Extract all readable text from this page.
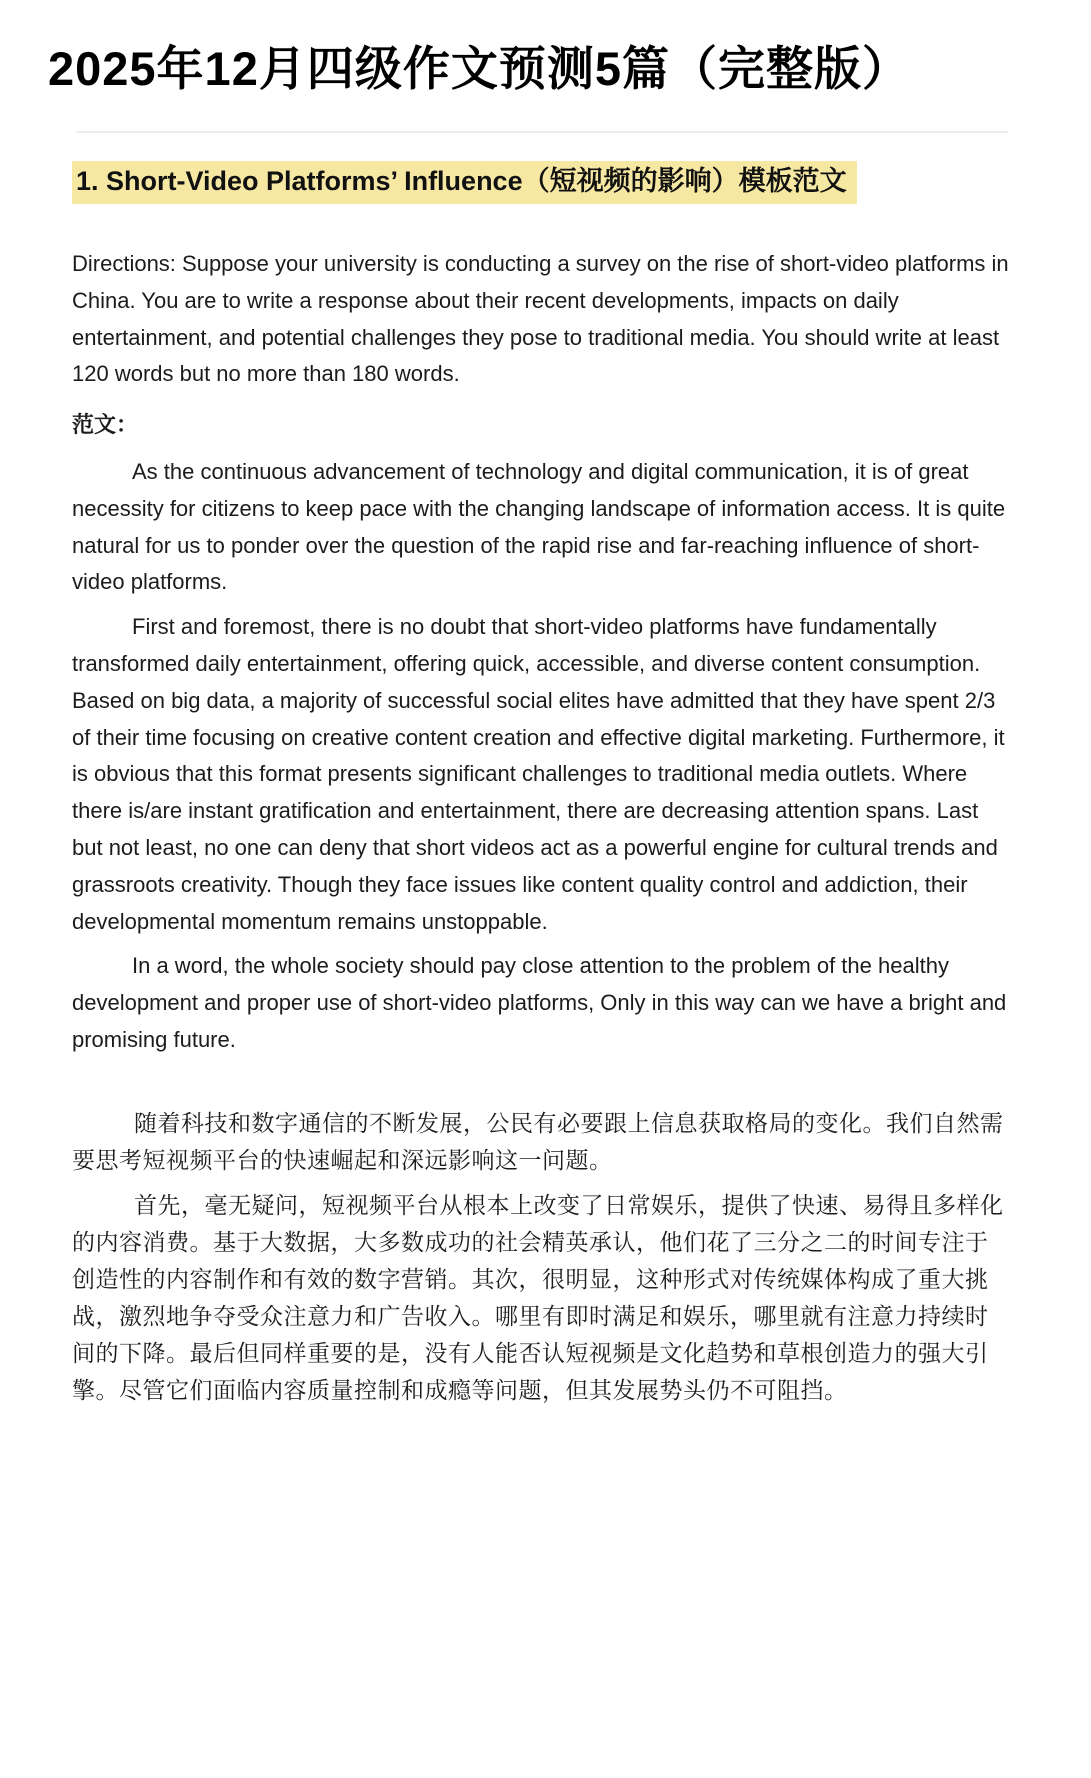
2025年12月四级作文预测5篇（完整版）
1. Short-Video Platforms’ Influence（短视频的影响）模板范文

Directions: Suppose your university is conducting a survey on the rise of short-video platforms in China. You are to write a response about their recent developments, impacts on daily entertainment, and potential challenges they pose to traditional media. You should write at least 120 words but no more than 180 words.

范文：

As the continuous advancement of technology and digital communication, it is of great necessity for citizens to keep pace with the changing landscape of information access. It is quite natural for us to ponder over the question of the rapid rise and far-reaching influence of short-video platforms.

First and foremost, there is no doubt that short-video platforms have fundamentally transformed daily entertainment, offering quick, accessible, and diverse content consumption. Based on big data, a majority of successful social elites have admitted that they have spent 2/3 of their time focusing on creative content creation and effective digital marketing. Furthermore, it is obvious that this format presents significant challenges to traditional media outlets. Where there is/are instant gratification and entertainment, there are decreasing attention spans. Last but not least, no one can deny that short videos act as a powerful engine for cultural trends and grassroots creativity. Though they face issues like content quality control and addiction, their developmental momentum remains unstoppable.

In a word, the whole society should pay close attention to the problem of the healthy development and proper use of short-video platforms, Only in this way can we have a bright and promising future.

随着科技和数字通信的不断发展，公民有必要跟上信息获取格局的变化。我们自然需要思考短视频平台的快速崛起和深远影响这一问题。

首先，毫无疑问，短视频平台从根本上改变了日常娱乐，提供了快速、易得且多样化的内容消费。基于大数据，大多数成功的社会精英承认，他们花了三分之二的时间专注于创造性的内容制作和有效的数字营销。其次，很明显，这种形式对传统媒体构成了重大挑战，激烈地争夺受众注意力和广告收入。哪里有即时满足和娱乐，哪里就有注意力持续时间的下降。最后但同样重要的是，没有人能否认短视频是文化趋势和草根创造力的强大引擎。尽管它们面临内容质量控制和成瘾等问题，但其发展势头仍不可阻挡。
